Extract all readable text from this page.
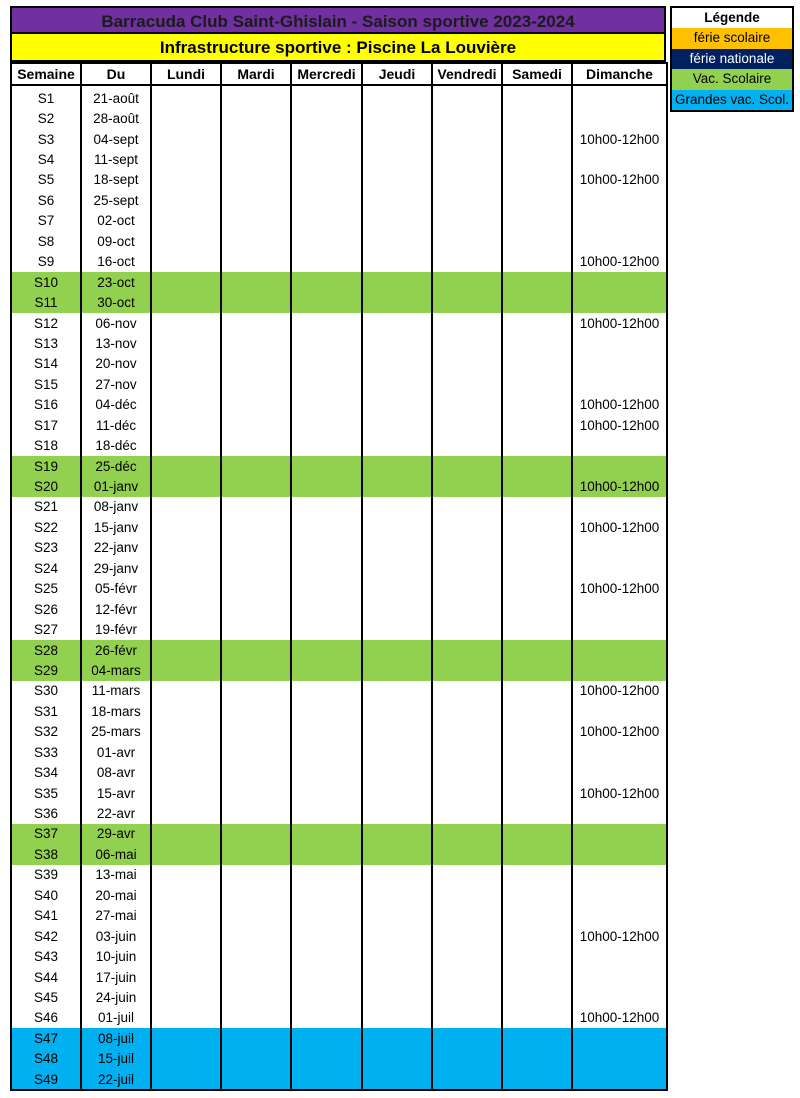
Barracuda Club Saint-Ghislain - Saison sportive 2023-2024
Infrastructure sportive : Piscine La Louvière
Semaine	Du	Lundi	Mardi	Mercredi	Jeudi	Vendredi	Samedi	Dimanche
S1	21-août							
S2	28-août							
S3	04-sept							10h00-12h00
S4	11-sept							
S5	18-sept							10h00-12h00
S6	25-sept							
S7	02-oct							
S8	09-oct							
S9	16-oct							10h00-12h00
S10	23-oct							
S11	30-oct							
S12	06-nov							10h00-12h00
S13	13-nov							
S14	20-nov							
S15	27-nov							
S16	04-déc							10h00-12h00
S17	11-déc							10h00-12h00
S18	18-déc							
S19	25-déc							
S20	01-janv							10h00-12h00
S21	08-janv							
S22	15-janv							10h00-12h00
S23	22-janv							
S24	29-janv							
S25	05-févr							10h00-12h00
S26	12-févr							
S27	19-févr							
S28	26-févr							
S29	04-mars							
S30	11-mars							10h00-12h00
S31	18-mars							
S32	25-mars							10h00-12h00
S33	01-avr							
S34	08-avr							
S35	15-avr							10h00-12h00
S36	22-avr							
S37	29-avr							
S38	06-mai							
S39	13-mai							
S40	20-mai							
S41	27-mai							
S42	03-juin							10h00-12h00
S43	10-juin							
S44	17-juin							
S45	24-juin							
S46	01-juil							10h00-12h00
S47	08-juil							
S48	15-juil							
S49	22-juil							
Légende
férie scolaire
férie nationale
Vac. Scolaire
Grandes vac. Scol.
